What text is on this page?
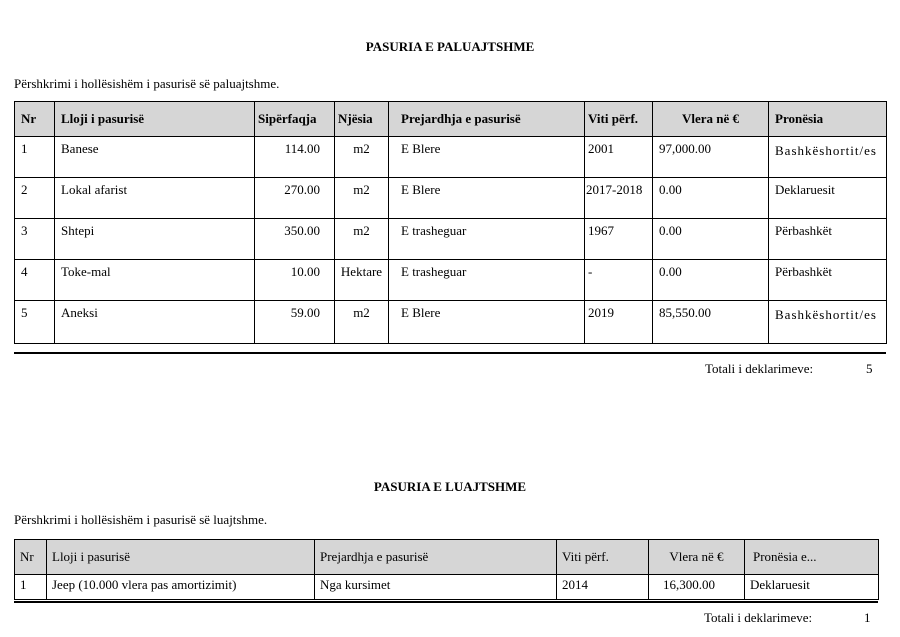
PASURIA E PALUAJTSHME
Përshkrimi i hollësishëm i pasurisë së paluajtshme.
Nr	Lloji i pasurisë	Sipërfaqja	Njësia	Prejardhja e pasurisë	Viti përf.	Vlera në €	Pronësia
1	Banese	114.00	m2	E Blere	2001	97,000.00	Bashkëshortit/es
2	Lokal afarist	270.00	m2	E Blere	2017-2018	0.00	Deklaruesit
3	Shtepi	350.00	m2	E trasheguar	1967	0.00	Përbashkët
4	Toke-mal	10.00	Hektare	E trasheguar	-	0.00	Përbashkët
5	Aneksi	59.00	m2	E Blere	2019	85,550.00	Bashkëshortit/es
Totali i deklarimeve:	5
PASURIA E LUAJTSHME
Përshkrimi i hollësishëm i pasurisë së luajtshme.
Nr	Lloji i pasurisë	Prejardhja e pasurisë	Viti përf.	Vlera në €	Pronësia e...
1	Jeep (10.000 vlera pas amortizimit)	Nga kursimet	2014	16,300.00	Deklaruesit
Totali i deklarimeve:	1
